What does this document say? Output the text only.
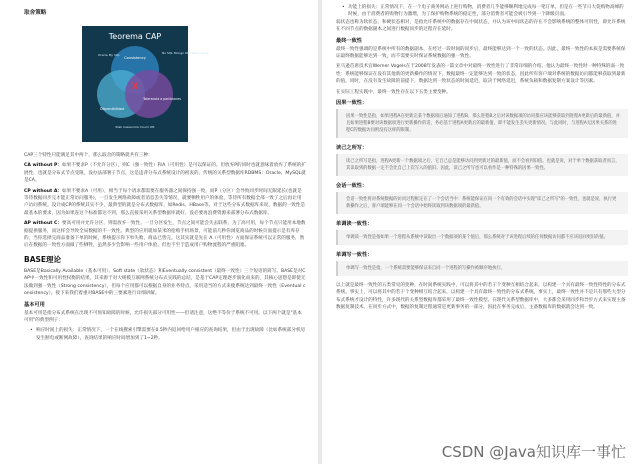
取舍策略
Teorema CAP
Consistency
Disponibilidad
Tolerancia a particiones
Oracle My SQL	No SQL Mongo DB HBase Redis
Riak Cassandra Couch DB
X

CAP三个特性只能满足其中两个，那么取舍的策略就共有三种：

CA without P：如果不要求P（不允许分区），则C（强一致性）和A（可用性）是可以保证的。但放弃P的同时也就意味着放弃了系统的扩展性，也就是分布式节点受限，没办法部署子节点，这是违背分布式系统设计的初衷的。传统的关系型数据库RDBMS：Oracle、MySQL就是CA。

CP without A：如果不要求A（可用），相当于每个请求都需要在服务器之间保持强一致，而P（分区）会导致同步时间无限延长(也就是等待数据同步完才能正常访问服务)，一旦发生网络故障或者消息丢失等情况，就要牺牲用户的体验，等待所有数据全部一致了之后再让用户访问系统。设计成CP的系统其实不少，最典型的就是分布式数据库，如Redis、HBase等。对于这些分布式数据库来说，数据的一致性是最基本的要求，因为如果连这个标准都达不到，那么直接采用关系型数据库就好，没必要再浪费资源来部署分布式数据库。

AP without C：要高可用并允许分区，则需放弃一致性。一旦分区发生，节点之间可能会失去联系，为了高可用，每个节点只能用本地数据提供服务，而这样会导致全局数据的不一致性。典型的应用就如某米的抢购手机场景，可能前几秒你浏览商品的时候页面提示是有库存的，当你选择完商品准备下单的时候，系统提示你下单失败，商品已售完。这其实就是先在 A（可用性）方面保证系统可以正常的服务，然后在数据的一致性方面做了些牺牲，虽然多少会影响一些用户体验，但也不至于造成用户购物流程的严重阻塞。

BASE理论

BASE是Basically Available（基本可用）、Soft state（软状态）和Eventually consistent（最终一致性）三个短语的简写。BASE是对CAP中一致性和可用性权衡的结果，其来源于对大规模互联网系统分布式实践的总结，是基于CAP定理逐步演化而来的，其核心思想是即使无法做到强一致性（Strong consistency），但每个应用都可以根据自身的业务特点，采用适当的方式来使系统达到最终一致性（Eventual consistency）。接下来我们着重对BASE中的三要素进行详细讲解。

基本可用

基本可用是指分布式系统在出现不可预知故障的时候，允许损失部分可用性——但请注意，这绝不等价于系统不可用。以下两个就是"基本可用"的典型例子：

• 响应时间上的损失：正常情况下，一个在线搜索引擎需要在0.5秒内返回给用户相应的查询结果，但由于出现故障（比如系统部分机房发生断电或断网故障），查询结果的响应时间增加到了1~2秒。
• 功能上的损失：正常情况下，在一个电子商务网站上进行购物，消费者几乎能够顺利地完成每一笔订单，但是在一些节日大促购物高峰的时候，由于消费者的购物行为激增，为了保护购物系统的稳定性，部分消费者可能会被引导到一个降级页面。

弱状态也称为软状态，和硬状态相对，是指允许系统中的数据存在中间状态，并认为该中间状态的存在不会影响系统的整体可用性，即允许系统在不同节点的数据副本之间进行数据同步的过程存在延时。

最终一致性

最终一致性强调的是系统中所有的数据副本，在经过一段时间的同步后，最终能够达到一个一致的状态。因此，最终一致性的本质是需要系统保证最终数据能够达到一致，而不需要实时保证系统数据的强一致性。

亚马逊首席技术官Werner Vogels在于2008年发表的一篇文章中对最终一致性进行了非常详细的介绍。他认为最终一致性时一种特殊的弱一致性：系统能够保证在没有其他新的更新操作的情况下，数据最终一定能够达到一致的状态，因此所有客户端对系统的数据访问都能够获取到最新的值。同时，在没有发生故障的前提下，数据达到一致状态的时间延迟，取决于网络延迟，系统负载和数据复制方案设计等因素。

在实际工程实践中，最终一致性存在以下五类主要变种。

因果一致性：
因果一致性是指，如果进程A在更新完某个数据项后通知了进程B，那么进程B之后对该数据项的访问都应该能够获取到进程A更新后的最新值，并且如果进程B要对该数据项进行更新操作的话，务必基于进程A更新后的最新值，即不能发生丢失更新情况。与此同时，与进程A无因果关系的进程C的数据访问则没有这样的限制。
读己之所写：
读己之所写是指，进程A更新一个数据项之后，它自己总是能够访问到更新过的最新值，而不会看到旧值。也就是说，对于单个数据获取者而言，其读取到的数据一定不会比自己上次写入的值旧。因此，读己之所写也可以看作是一种特殊的因果一致性。
会话一致性：
会话一致性将对系统数据的访问过程框定在了一个会话当中：系统能保证在同一个有效的会话中实现"读己之所写"的一致性，也就是说，执行更新操作之后，客户端能够在同一个会话中始终读取到该数据项的最新值。
单调读一致性：
单调读一致性是指如果一个进程从系统中读取出一个数据项的某个值后，那么系统对于该进程后续的任何数据访问都不应该返回更旧的值。
单调写一致性：
单调写一致性是指，一个系统需要能够保证来自同一个进程的写操作被顺序地执行。

以上就是最终一致性的五类常见的变种，在时间系统实践中，可以将其中的若干个变种互相结合起来，以构建一个具有最终一致性特性的分布式系统。事实上，可以将其中的若干个变种相互结合起来，以构建一个具有最终一致性的分布式系统。事实上，最终一致性并不是只有那些大型分布式系统才设计的特性，许多现代的关系型数据库都采用了最终一致性模型。在现代关系型数据库中，大多都会采用同步和异步方式来实现主备数据复制技术。在同步方式中，数据的复制过程通常是更新事务的一部分，因此在事务完成后，主备数据库的数据就会达到一致。

CSDN @Java知识库一事忙
